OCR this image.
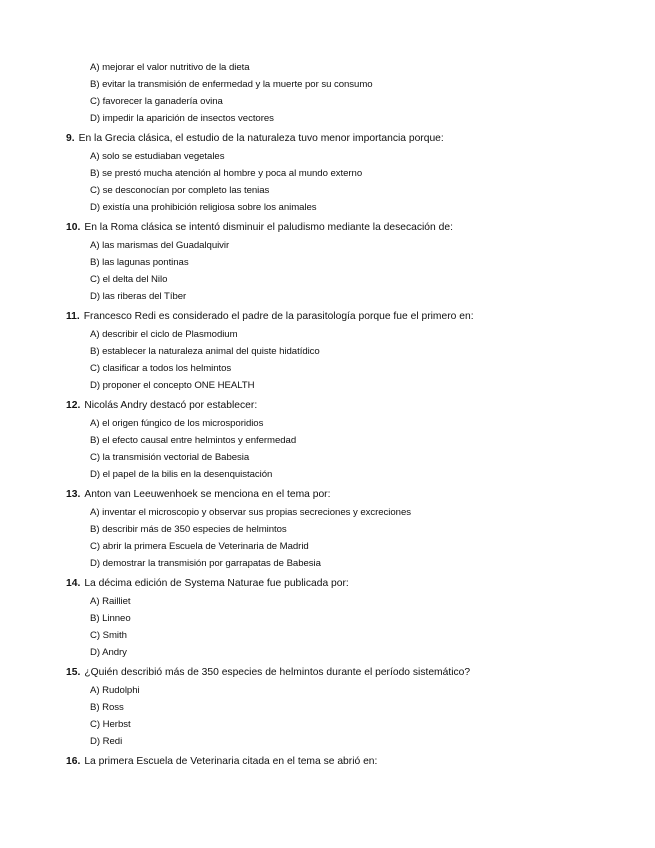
A) mejorar el valor nutritivo de la dieta
B) evitar la transmisión de enfermedad y la muerte por su consumo
C) favorecer la ganadería ovina
D) impedir la aparición de insectos vectores
9. En la Grecia clásica, el estudio de la naturaleza tuvo menor importancia porque:
A) solo se estudiaban vegetales
B) se prestó mucha atención al hombre y poca al mundo externo
C) se desconocían por completo las tenias
D) existía una prohibición religiosa sobre los animales
10. En la Roma clásica se intentó disminuir el paludismo mediante la desecación de:
A) las marismas del Guadalquivir
B) las lagunas pontinas
C) el delta del Nilo
D) las riberas del Tíber
11. Francesco Redi es considerado el padre de la parasitología porque fue el primero en:
A) describir el ciclo de Plasmodium
B) establecer la naturaleza animal del quiste hidatídico
C) clasificar a todos los helmintos
D) proponer el concepto ONE HEALTH
12. Nicolás Andry destacó por establecer:
A) el origen fúngico de los microsporidios
B) el efecto causal entre helmintos y enfermedad
C) la transmisión vectorial de Babesia
D) el papel de la bilis en la desenquistación
13. Anton van Leeuwenhoek se menciona en el tema por:
A) inventar el microscopio y observar sus propias secreciones y excreciones
B) describir más de 350 especies de helmintos
C) abrir la primera Escuela de Veterinaria de Madrid
D) demostrar la transmisión por garrapatas de Babesia
14. La décima edición de Systema Naturae fue publicada por:
A) Railliet
B) Linneo
C) Smith
D) Andry
15. ¿Quién describió más de 350 especies de helmintos durante el período sistemático?
A) Rudolphi
B) Ross
C) Herbst
D) Redi
16. La primera Escuela de Veterinaria citada en el tema se abrió en:
